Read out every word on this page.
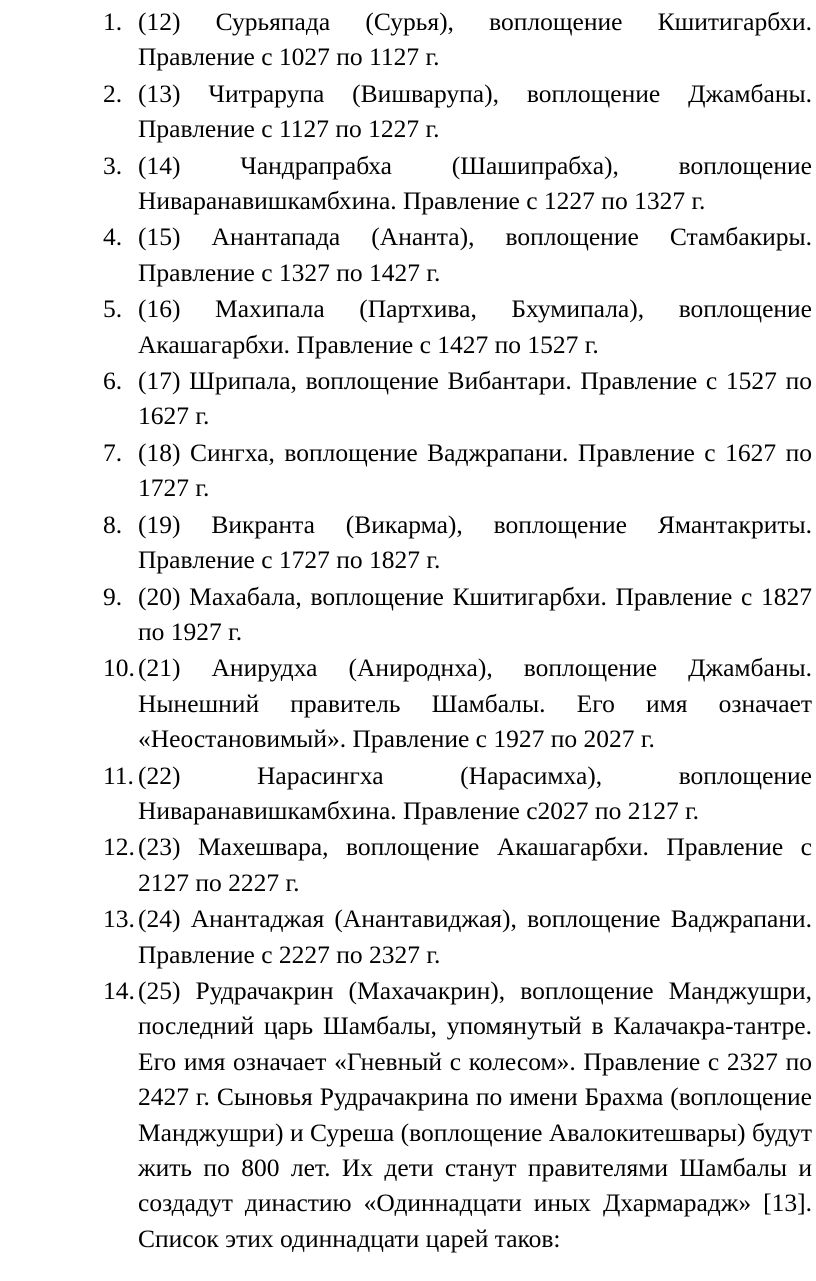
1. (12) Сурьяпада (Сурья), воплощение Кшитигарбхи. Правление с 1027 по 1127 г.
2. (13) Читрарупа (Вишварупа), воплощение Джамбаны. Правление с 1127 по 1227 г.
3. (14) Чандрапрабха (Шашипрабха), воплощение Ниваранавишкамбхина. Правление с 1227 по 1327 г.
4. (15) Анантапада (Ананта), воплощение Стамбакиры. Правление с 1327 по 1427 г.
5. (16) Махипала (Партхива, Бхумипала), воплощение Акашагарбхи. Правление с 1427 по 1527 г.
6. (17) Шрипала, воплощение Вибантари. Правление с 1527 по 1627 г.
7. (18) Сингха, воплощение Ваджрапани. Правление с 1627 по 1727 г.
8. (19) Викранта (Викарма), воплощение Ямантакриты. Правление с 1727 по 1827 г.
9. (20) Махабала, воплощение Кшитигарбхи. Правление с 1827 по 1927 г.
10. (21) Анирудха (Анироднха), воплощение Джамбаны. Нынешний правитель Шамбалы. Его имя означает «Неостановимый». Правление с 1927 по 2027 г.
11. (22) Нарасингха (Нарасимха), воплощение Ниваранавишкамбхина. Правление с2027 по 2127 г.
12. (23) Махешвара, воплощение Акашагарбхи. Правление с 2127 по 2227 г.
13. (24) Анантаджая (Анантавиджая), воплощение Ваджрапани. Правление с 2227 по 2327 г.
14. (25) Рудрачакрин (Махачакрин), воплощение Манджушри, последний царь Шамбалы, упомянутый в Калачакра-тантре. Его имя означает «Гневный с колесом». Правление с 2327 по 2427 г. Сыновья Рудрачакрина по имени Брахма (воплощение Манджушри) и Суреша (воплощение Авалокитешвары) будут жить по 800 лет. Их дети станут правителями Шамбалы и создадут династию «Одиннадцати иных Дхармарадж» [13]. Список этих одиннадцати царей таков:
